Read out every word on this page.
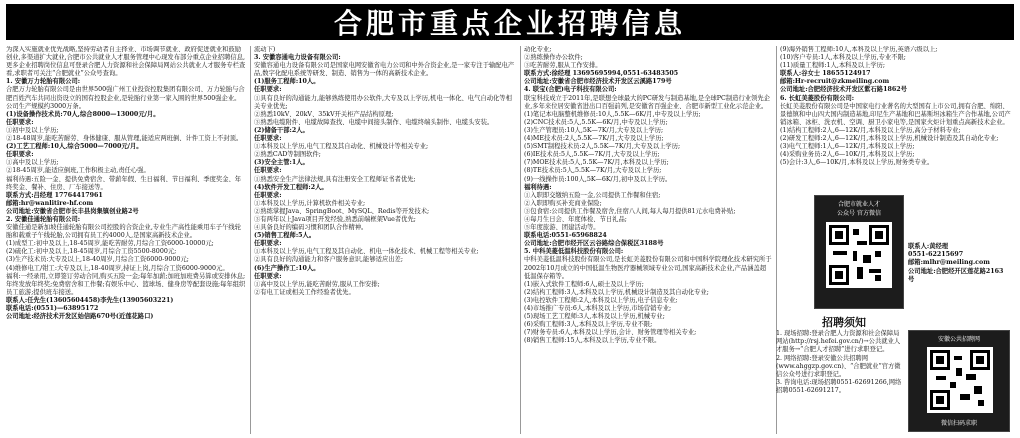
合肥市重点企业招聘信息

为深入实施就业优先战略,坚持劳动者自主择业、市场调节就业、政府促进就业和鼓励创业,多渠道扩大就业,合肥市公共就业人才服务管理中心现发布部分重点企业招聘信息,更多企业招聘岗位信息可登录合肥人力资源和社会保障局网站公共就业人才服务专栏查看,求职者可关注“合肥就业”公众号查询。

1. 安徽万力轮胎有限公司:

合肥万力轮胎有限公司是由世界500强广州工业投资控股集团有限公司、万力轮胎与合肥百姓汽车共同出资设立的国有控股企业,是轮胎行业第一家入围的世界500强企业。公司生产规模约3000万条。

(1)设备操作技术员:70人,综合8000—13000元/月。

任职要求:

①初中及以上学历;

②18-48周岁,能吃苦耐劳、身体健康、服从管理,能适应两班倒、计件工资上不封顶。

(2)工艺工程师:10人,综合5000—7000元/月。

任职要求:

①高中及以上学历;

②18-45周岁,能适应倒班,工作积极主动,责任心强。

福利待遇:五险一金、提供免费宿舍、带薪年假、生日福利、节日福利、季度奖金、年终奖金、餐补、住房、厂车接送等。

联系方式:吕经理 17764417961

邮箱:hr@wanlitire-hf.com

公司地址:安徽省合肥市长丰县岗集镇创业路2号

2. 安徽佳通轮胎有限公司:

安徽佳通是新加坡佳通轮胎有限公司控股的合资企业,专业生产高性能乘用车子午线轮胎和载重子午线轮胎,公司拥有员工约4000人,是国家高新技术企业。

(1)成型工:初中及以上,18-45周岁,能吃苦耐劳,月综合工资6000-10000元;

(2)硫化工:初中及以上,18-45周岁,月综合工资5500-8000元;

(3)生产技术员:大专及以上,18-40周岁,月综合工资6000-9000元;

(4)维修电工/钳工:大专及以上,18-40周岁,持证上岗,月综合工资6000-9000元。

福利:一经录用,立即签订劳动合同,购买五险一金;每年加薪;加班加班费另算或安排休息;年终发放年终奖;免费宿舍和工作餐;有娱乐中心、篮球场、健身房等配套设施;每年组织员工旅游;提供班车接送。

联系人:任先生(13605604458)李先生(13905603221)

联系电话:(0551)—63895172

公司地址:经济技术开发区始信路670号(近莲花路口)

流动下)

3. 安徽容通电力设备有限公司:

安徽容通电力设备有限公司是国家电网安徽省电力公司和中外合资企业,是一家专注于输配电产品,数字化配电系统等研发、制造、销售为一体的高新技术企业。

(1)服务工程师:10人。

任职要求:

①具有良好的沟通能力,能够熟练使用办公软件,大专及以上学历,机电一体化、电气自动化等相关专业优先;

②熟悉10kV、20kV、35kV开关柜产品结构原理;

③熟悉电缆附件、电缆故障查找、电缆中间接头制作、电缆终端头制作、电缆头安装。

(2)储备干部:2人。

任职要求:

①本科及以上学历,电气工程及其自动化、机械设计等相关专业;

②熟悉CAD等制图软件;

(3)安全主管:1人。

任职要求:

①熟悉安全生产法律法规,具有注册安全工程师证书者优先;

(4)软件开发工程师:2人。

任职要求:

①本科及以上学历,计算机软件相关专业;

②熟练掌握Java、SpringBoot、MySQL、Redis等开发技术;

③有两年以上Java项目开发经验,熟悉前端框架Vue者优先;

④具备良好的编码习惯和团队合作精神。

(5)销售工程师:5人。

任职要求:

①本科及以上学历,电气工程及其自动化、机电一体化技术、机械工程等相关专业;

②具有良好的沟通能力和客户服务意识,能够适应出差;

(6)生产操作工:10人。

任职要求:

①高中及以上学历,能吃苦耐劳,服从工作安排;

②有电工证或相关工作经验者优先。

动化专业;

②熟练操作办公软件;

③吃苦耐劳,服从工作安排。

联系方式:徐经理 13695695994,0551-63483505

公司地址:安徽省合肥市经济技术开发区云溪路179号

4. 联宝(合肥)电子科技有限公司:

联宝科技成立于2011年,是联想全球最大的PC研发与制造基地,是全球PC制造行业领先企业,多年来位居安徽省进出口百强前列,是安徽省百强企业、合肥市新型工业化示范企业。

(1)笔记本电脑整机维修员:10人,5.5K—6K/月,中专及以上学历;

(2)CNC技术员:5人,5.5K—6K/月,中专及以上学历;

(3)生产管理员:10人,5K—7K/月,大专及以上学历;

(4)ME技术员:2人,5.5K—7K/月,大专及以上学历;

(5)SMT制程技术员:2人,5.5K—7K/月,大专及以上学历;

(6)IE技术员:5人,5.5K—7K/月,大专及以上学历;

(7)MOE技术员:5人,5.5K—7K/月,本科及以上学历;

(8)TE技术员:5人,5.5K—7K/月,大专及以上学历;

(9)一线操作员:100人,5K—6K/月,初中及以上学历。

福利待遇:

①入职即交缴纳五险一金,公司提供工作餐和住宿;

②入职即购买补充商业保险;

③包食宿:公司提供工作餐及宿舍,住宿八人间,每人每月提供81元水电费补贴;

④每月生日会、年度体检、节日礼品;

⑤年度旅游、团建活动等。

联系电话:0551-65968824

公司地址:合肥市经开区云谷路综合保税区3188号

5. 中科美菱低温科技股份有限公司:

中科美菱低温科技股份有限公司,是长虹美菱股份有限公司和中国科学院理化技术研究所于2002年10月成立的中国低温生物医疗器械领域专业公司,国家高新技术企业,产品涵盖超低温保存箱等。

(1)嵌入式软件工程师:6人,硕士及以上学历;

(2)结构工程师:3人,本科及以上学历,机械设计制造及其自动化专业;

(3)电控软件工程师:2人,本科及以上学历,电子信息专业;

(4)市场推广专员:6人,本科及以上学历,市场营销专业;

(5)现场工艺工程师:3人,本科及以上学历,机械专业;

(6)采购工程师:3人,本科及以上学历,专业不限;

(7)财务专员:6人,本科及以上学历,会计、财务管理等相关专业;

(8)销售工程师:15人,本科及以上学历,专业不限。

(9)海外销售工程师:10人,本科及以上学历,英语六级以上;

(10)客户专员:1人,本科及以上学历,专业不限;

(11)质量工程师:1人,本科及以上学历;

联系人:谷女士 18655124917

邮箱:Hr-recruit@zkmeiling.com

公司地址:合肥经济技术开发区紫石路1862号

6. 长虹美菱股份有限公司:

长虹美菱股份有限公司是中国家电行业著名的大型国有上市公司,拥有合肥、绵阳、景德镇和中山四大国内制造基地,印尼生产基地和巴基斯坦冰箱生产合作基地,公司产销冰箱、冰柜、洗衣机、空调、厨卫小家电等,是国家火炬计划重点高新技术企业。

(1)结构工程师:2人,6—12K/月,本科及以上学历,高分子材料专业;

(2)研发工程师:2人,6—12K/月,本科及以上学历,机械设计制造及其自动化专业;

(3)电气工程师:1人,6—12K/月,本科及以上学历;

(4)采购业务员:2人,6—10K/月,本科及以上学历;

(5)会计:3人,6—10K/月,本科及以上学历,财务类专业。

合肥市就业人才
公众号 官方微信

联系人:黄经理

0551-62215697

邮箱:mlhr@meiling.com

公司地址:合肥经开区莲花路2163号

招聘须知

1. 现场招聘:登录合肥人力资源和社会保障局网站(http://rsj.hefei.gov.cn/)→公共就业人才服务→“合肥人才招聘”进行求职登记。

2. 网络招聘:登录安徽公共招聘网(www.ahggzp.gov.cn)、“合肥就业”官方微信公众号进行求职登记。

3. 咨询电话:现场招聘0551-62691266,网络招聘0551-62691217。

安徽公共招聘网
微信扫码求职
